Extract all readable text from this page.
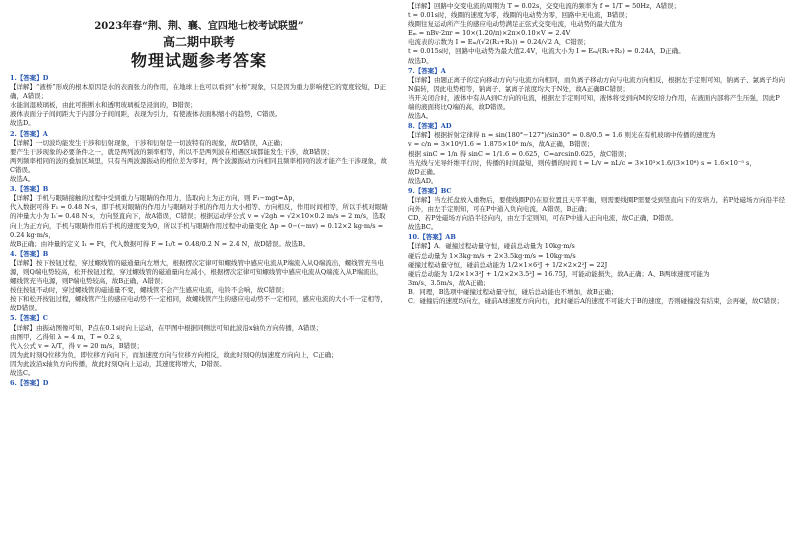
2023年春“荆、荆、襄、宜四地七校考试联盟”
高二期中联考
物理试题参考答案

1.【答案】D

【详解】“液桥”形成的根本原因是水的表面张力的作用，在地球上也可以看到“水桥”现象，只是因为重力影响使它的宽度较短，D正确，A错误；

水能润湿玻璃板，由此可推断水和透明玻璃板是浸润的，B错误；

液体表面分子间间距大于内部分子间间距，表现为引力，有使液体表面积缩小的趋势，C错误。

故选D。

2.【答案】A

【详解】一切波均能发生干涉和衍射现象，干涉和衍射是一切波特有的现象，故D错误，A正确；

要产生干涉现象的必要条件之一，就是两列波的频率相等，所以不是两列波在相遇区域都能发生干涉，故B错误；

两列频率相同的波的叠加区域里，只有当两波源振动的相位差为零时，两个波源振动方向相同且频率相同的波才能产生干涉现象，故C错误。

故选A。

3.【答案】B

【详解】手机与眼睛接触的过程中受到重力与眼睛的作用力，选取向上为正方向，则 F₁−mgt=Δp，

代入数据可得 F₁ = 0.48 N·s，即手机对眼睛的作用力与眼睛对手机的作用力大小相等、方向相反，作用时间相等，所以手机对眼睛的冲量大小为 I₁′= 0.48 N·s，方向竖直向下，故A错误，C错误；根据运动学公式 v = √2gh = √2×10×0.2 m/s = 2 m/s，选取向上为正方向，手机与眼睛作用后手机的速度变为0，所以手机与眼睛作用过程中动量变化 Δp = 0−(−mv) = 0.12×2 kg·m/s = 0.24 kg·m/s，

故B正确；由冲量的定义 I₁ = Ft，代入数据可得 F = I₁/t = 0.48/0.2 N = 2.4 N，故D错误。故选B。

4.【答案】B

【详解】按下按钮过程，穿过螺线管的磁通量向左增大，根据楞次定律可知螺线管中感应电流从P端流入从Q端流出，螺线管充当电源，则Q端电势较高，松开按钮过程，穿过螺线管的磁通量向左减小，根据楞次定律可知螺线管中感应电流从Q端流入从P端流出，螺线管充当电源，则P端电势较高，故B正确，A错误；

按住按钮不动时，穿过螺线管的磁通量不变，螺线管不会产生感应电流，电铃不会响，故C错误；

按下和松开按钮过程，螺线管产生的感应电动势不一定相同，故螺线管产生的感应电动势不一定相同，感应电流的大小不一定相等，故D错误。

5.【答案】C

【详解】由振动图像可知，P点在0.1s时向上运动，在甲图中根据同侧法可知此波沿x轴负方向传播，A错误；

由图甲，乙得知 λ = 4 m，T = 0.2 s，

代入公式 v = λ/T，得 v = 20 m/s，B错误；

因为此时刻Q位移为负，即位移方向向下，而加速度方向与位移方向相反，故此时刻Q的加速度方向向上，C正确；

因为此波沿x轴负方向传播，故此时刻Q向上运动，其速度将增大，D错误。

故选C。

6.【答案】D

【详解】回路中交变电流的周期为 T = 0.02s，交变电流的频率为 f = 1/T = 50Hz，A错误；

t = 0.01s时，线圈的速度为零，线圈的电动势为零，回路中无电流，B错误；

线圈往复运动所产生的感应电动势满足正弦式交变电流，电动势的最大值为

Eₘ = nBv·2πr = 10×(1.20/π)×2π×0.10×V = 2.4V

电流表的示数为 I = Eₘ/(√2(R₁+R₂)) = 0.24/√2 A，C错误；

t = 0.015s时，回路中电动势为最大值2.4V，电流大小为 I = Eₘ/(R₁+R₂) = 0.24A，D正确。

故选D。

7.【答案】A

【详解】由题正离子的定向移动方向与电流方向相同，而负离子移动方向与电流方向相反，根据左手定则可知，钠离子、氯离子均向N偏转，因此电势相等，钠离子、氯离子浓度均大于N处，故A正确BC错误；

当开关闭合时，液体中有从A到C方向的电流，根据左手定则可知，液体将受到向M的安培力作用，在液面内部将产生压强，因此P端的液面将比Q端的高，故D错误。

故选A。

8.【答案】AD

【详解】根据折射定律得 n = sin(180°−127°)/sin30° = 0.8/0.5 = 1.6 则光在有机玻璃中传播的速度为

v = c/n = 3×10⁸/1.6 = 1.875×10⁸ m/s，故A正确，B错误；

根据 sinC = 1/n 得 sinC = 1/1.6 = 0.625，C=arcsin0.625，故C错误；

当光线与光导纤维平行时，传播的时间最短，则传播的时间 t = L/v = nL/c = 3×10³×1.6/(3×10⁸) s = 1.6×10⁻⁵ s，

故D正确。

故选AD。

9.【答案】BC

【详解】当左托盘放入重物后，要使线圈P仍在原位置且天平平衡，则需要线圈P需要受到竖直向下的安培力，若P处磁场方向沿半径向外，由左手定则知，可在P中通入负向电流，A错误，B正确；

CD、若P处磁场方向沿半径向内，由左手定则知，可在P中通入正向电流，故C正确，D错误。

故选BC。

10.【答案】AB

【详解】A．碰撞过程动量守恒，碰前总动量为 10kg·m/s

碰后总动量为 1×3kg·m/s + 2×3.5kg·m/s = 10kg·m/s

碰撞过程动量守恒，碰前总动能为 1/2×1×6²J + 1/2×2×2²J = 22J

碰后总动能为 1/2×1×3²J + 1/2×2×3.5²J = 16.75J，可能动能损失，故A正确；A、B两球速度可能为

3m/s、3.5m/s，故A正确；

B．同理，B选项中碰撞过程动量守恒，碰后总动能也不增加，故B正确；

C．碰撞后的速度均向左，碰前A球速度方向向右，此时碰后A的速度不可能大于B的速度，否则碰撞没有结束，会再碰，故C错误；
